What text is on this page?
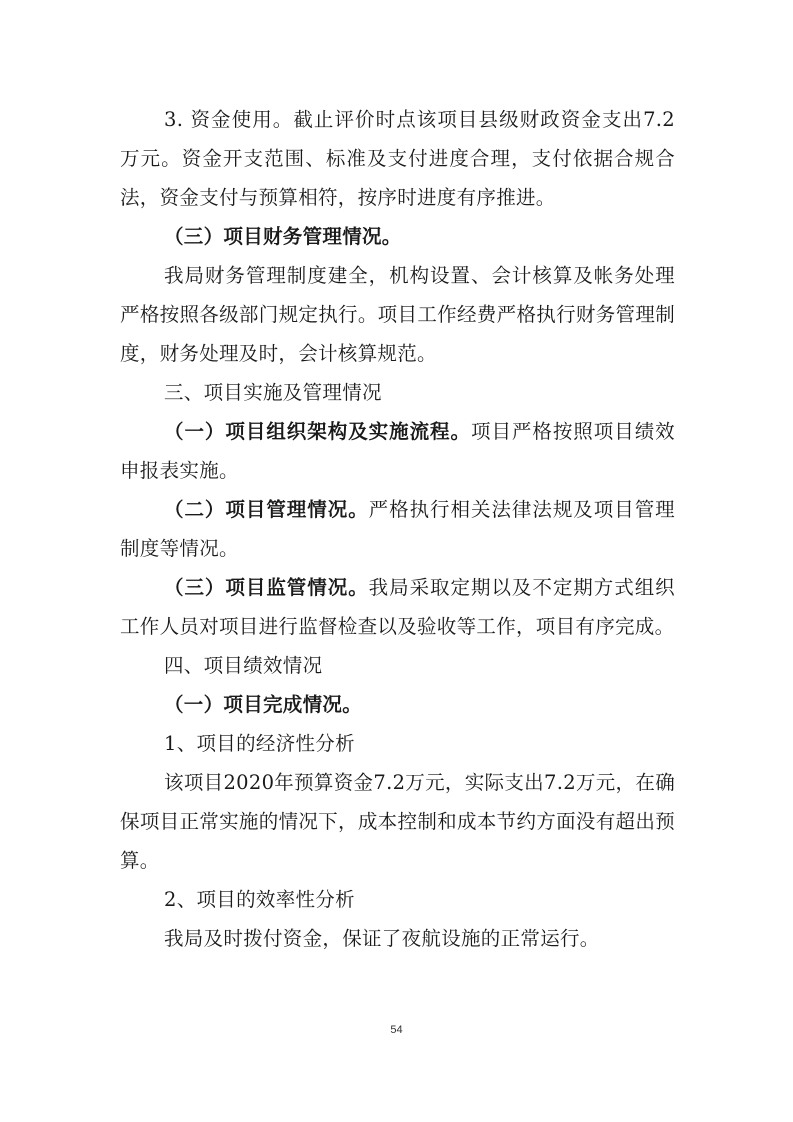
3. 资金使用。截止评价时点该项目县级财政资金支出7.2万元。资金开支范围、标准及支付进度合理，支付依据合规合法，资金支付与预算相符，按序时进度有序推进。

（三）项目财务管理情况。

我局财务管理制度建全，机构设置、会计核算及帐务处理严格按照各级部门规定执行。项目工作经费严格执行财务管理制度，财务处理及时，会计核算规范。

三、项目实施及管理情况

（一）项目组织架构及实施流程。项目严格按照项目绩效申报表实施。

（二）项目管理情况。严格执行相关法律法规及项目管理制度等情况。

（三）项目监管情况。我局采取定期以及不定期方式组织工作人员对项目进行监督检查以及验收等工作，项目有序完成。

四、项目绩效情况

（一）项目完成情况。

1、项目的经济性分析

该项目2020年预算资金7.2万元，实际支出7.2万元，在确保项目正常实施的情况下，成本控制和成本节约方面没有超出预算。

2、项目的效率性分析

我局及时拨付资金，保证了夜航设施的正常运行。

54
